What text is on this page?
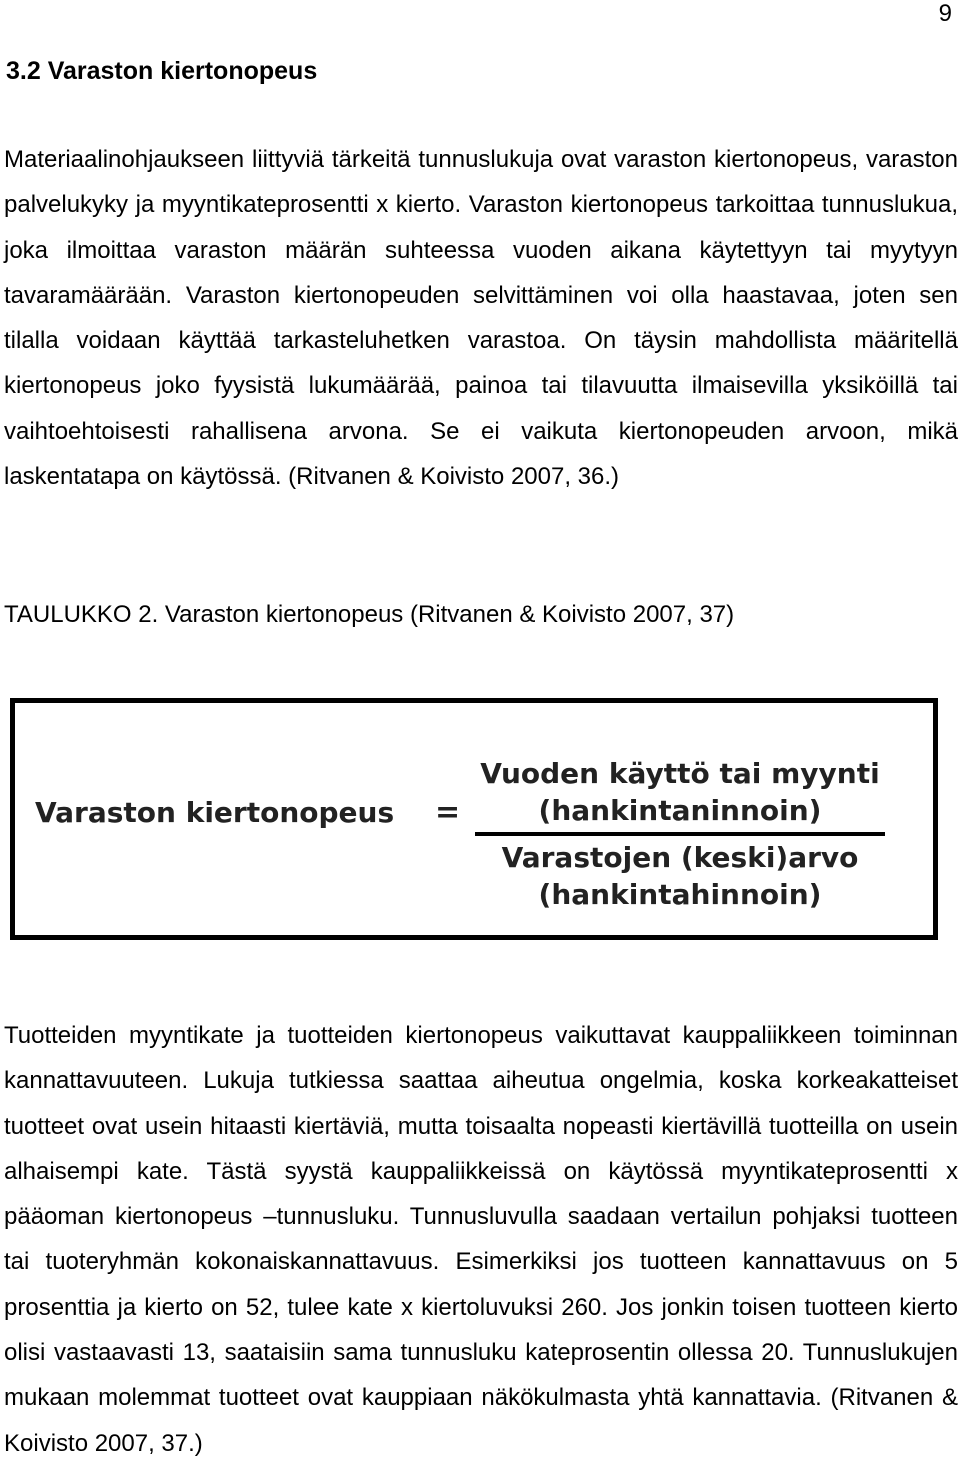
9
3.2 Varaston kiertonopeus

Materiaalinohjaukseen liittyviä tärkeitä tunnuslukuja ovat varaston kiertonopeus, varaston palvelukyky ja myyntikateprosentti x kierto. Varaston kiertonopeus tarkoittaa tunnuslukua, joka ilmoittaa varaston määrän suhteessa vuoden aikana käytettyyn tai myytyyn tavaramäärään. Varaston kiertonopeuden selvittäminen voi olla haastavaa, joten sen tilalla voidaan käyttää tarkasteluhetken varastoa. On täysin mahdollista määritellä kiertonopeus joko fyysistä lukumäärää, painoa tai tilavuutta ilmaisevilla yksiköillä tai vaihtoehtoisesti rahallisena arvona. Se ei vaikuta kiertonopeuden arvoon, mikä laskentatapa on käytössä. (Ritvanen & Koivisto 2007, 36.)

TAULUKKO 2. Varaston kiertonopeus (Ritvanen & Koivisto 2007, 37)

Varaston kiertonopeus =
Vuoden käyttö tai myynti
(hankintaninnoin)
Varastojen (keski)arvo
(hankintahinnoin)

Tuotteiden myyntikate ja tuotteiden kiertonopeus vaikuttavat kauppaliikkeen toiminnan kannattavuuteen. Lukuja tutkiessa saattaa aiheutua ongelmia, koska korkeakatteiset tuotteet ovat usein hitaasti kiertäviä, mutta toisaalta nopeasti kiertävillä tuotteilla on usein alhaisempi kate. Tästä syystä kauppaliikkeissä on käytössä myyntikateprosentti x pääoman kiertonopeus –tunnusluku. Tunnusluvulla saadaan vertailun pohjaksi tuotteen tai tuoteryhmän kokonaiskannattavuus. Esimerkiksi jos tuotteen kannattavuus on 5 prosenttia ja kierto on 52, tulee kate x kiertoluvuksi 260. Jos jonkin toisen tuotteen kierto olisi vastaavasti 13, saataisiin sama tunnusluku kateprosentin ollessa 20. Tunnuslukujen mukaan molemmat tuotteet ovat kauppiaan näkökulmasta yhtä kannattavia. (Ritvanen & Koivisto 2007, 37.)
